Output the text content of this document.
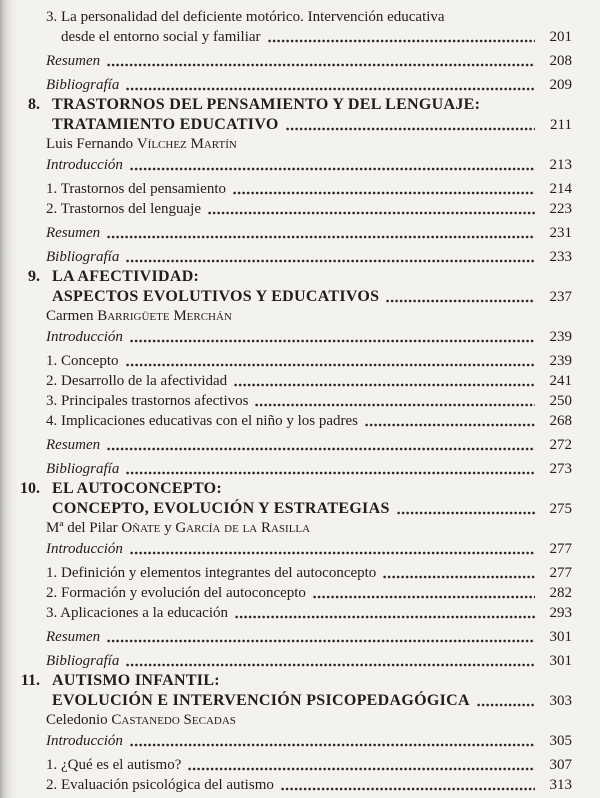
3. La personalidad del deficiente motórico. Intervención educativa
desde el entorno social y familiar	201
Resumen	208
Bibliografía	209
8. TRASTORNOS DEL PENSAMIENTO Y DEL LENGUAJE:
TRATAMIENTO EDUCATIVO	211
Luis Fernando Vílchez Martín
Introducción	213
1. Trastornos del pensamiento	214
2. Trastornos del lenguaje	223
Resumen	231
Bibliografía	233
9. LA AFECTIVIDAD:
ASPECTOS EVOLUTIVOS Y EDUCATIVOS	237
Carmen Barrigüete Merchán
Introducción	239
1. Concepto	239
2. Desarrollo de la afectividad	241
3. Principales trastornos afectivos	250
4. Implicaciones educativas con el niño y los padres	268
Resumen	272
Bibliografía	273
10. EL AUTOCONCEPTO:
CONCEPTO, EVOLUCIÓN Y ESTRATEGIAS	275
Mª del Pilar Oñate y García de la Rasilla
Introducción	277
1. Definición y elementos integrantes del autoconcepto	277
2. Formación y evolución del autoconcepto	282
3. Aplicaciones a la educación	293
Resumen	301
Bibliografía	301
11. AUTISMO INFANTIL:
EVOLUCIÓN E INTERVENCIÓN PSICOPEDAGÓGICA	303
Celedonio Castanedo Secadas
Introducción	305
1. ¿Qué es el autismo?	307
2. Evaluación psicológica del autismo	313
